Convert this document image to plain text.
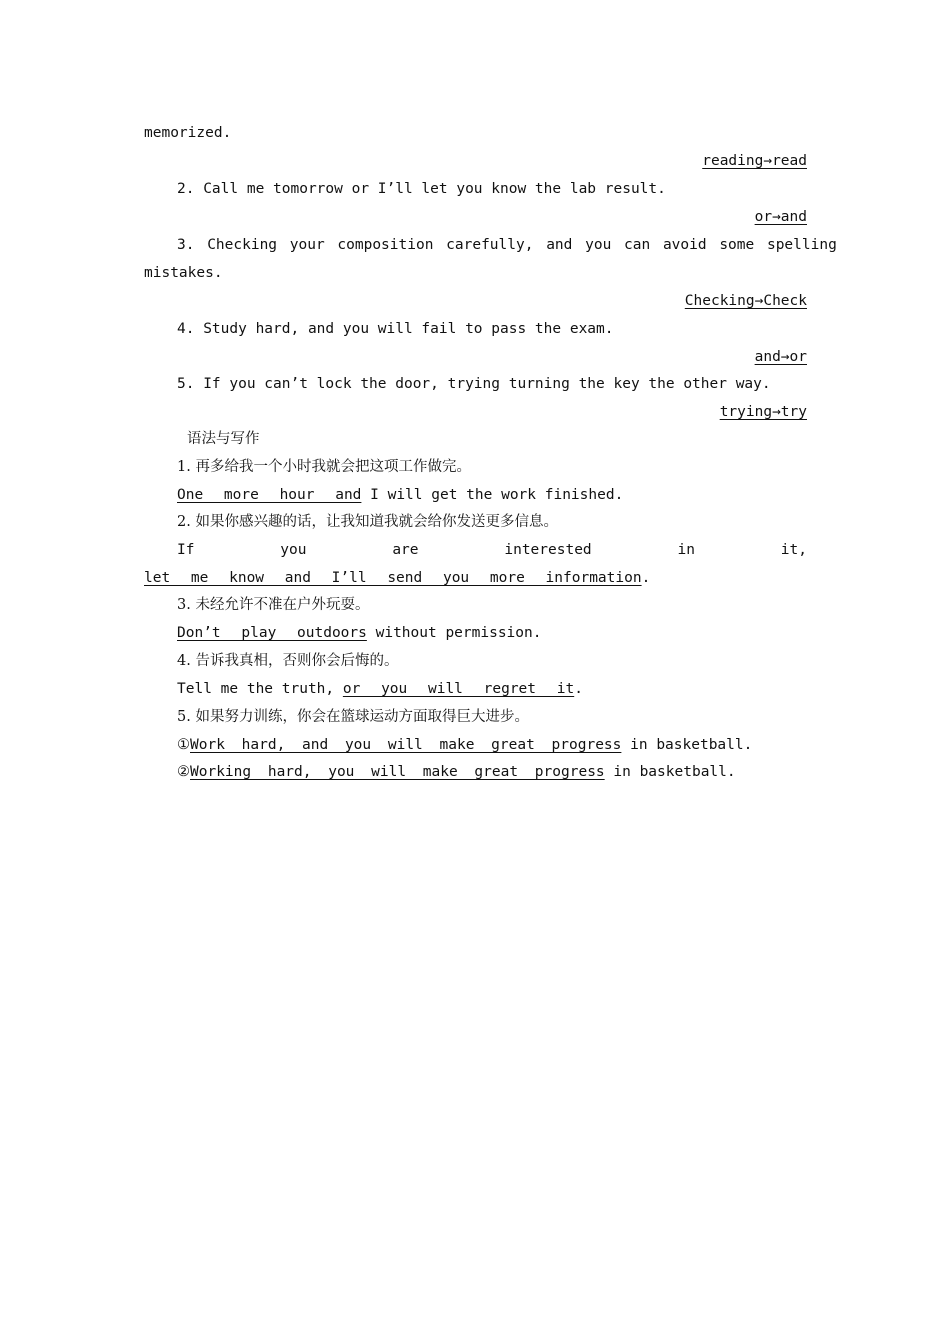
memorized.
reading→read
2. Call me tomorrow or I’ll let you know the lab result.
or→and
3. Checking your composition carefully, and you can avoid some spelling
mistakes.
Checking→Check
4. Study hard, and you will fail to pass the exam.
and→or
5. If you can’t lock the door, trying turning the key the other way.
trying→try
语法与写作
1. 再多给我一个小时我就会把这项工作做完。
One more hour and I will get the work finished.
2. 如果你感兴趣的话，让我知道我就会给你发送更多信息。
If	you	are	interested	in	it,
let me know and I’ll send you more information.
3. 未经允许不准在户外玩耍。
Don’t play outdoors without permission.
4. 告诉我真相，否则你会后悔的。
Tell me the truth, or you will regret it.
5. 如果努力训练，你会在篮球运动方面取得巨大进步。
①Work hard, and you will make great progress in basketball.
②Working hard, you will make great progress in basketball.
